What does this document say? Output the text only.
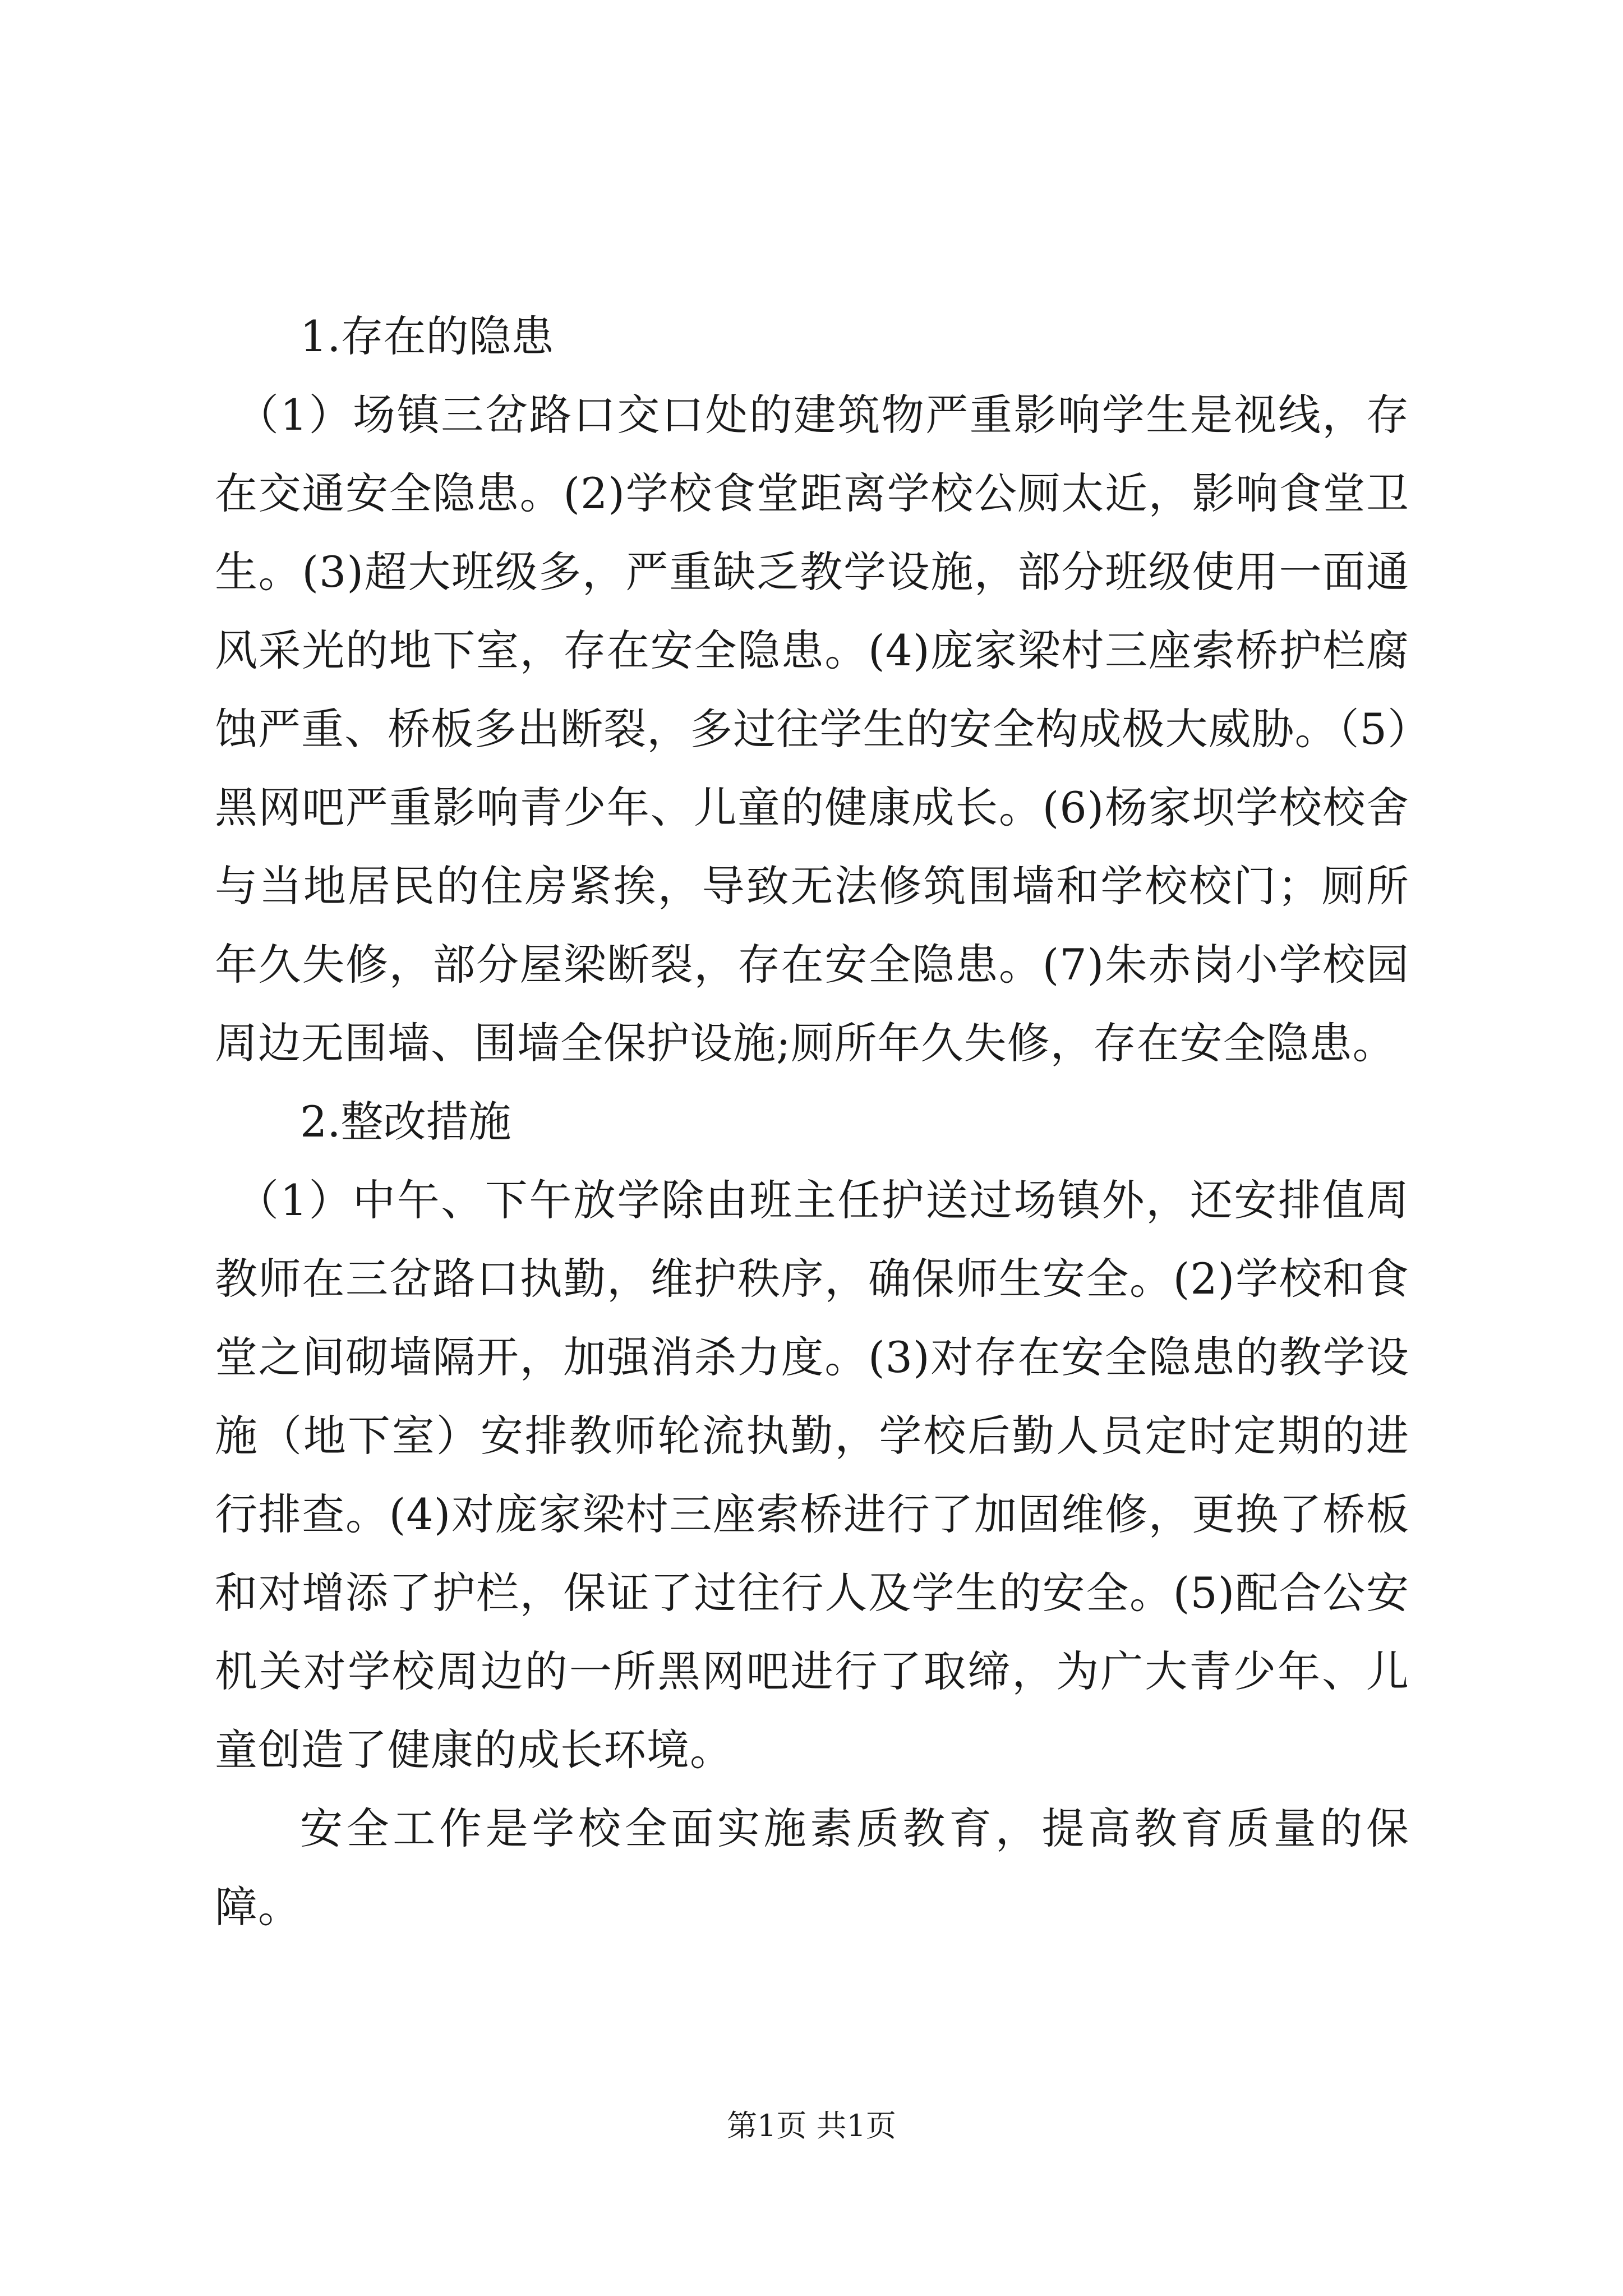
1.存在的隐患

（1）场镇三岔路口交口处的建筑物严重影响学生是视线，存在交通安全隐患。(2)学校食堂距离学校公厕太近，影响食堂卫生。(3)超大班级多，严重缺乏教学设施，部分班级使用一面通风采光的地下室，存在安全隐患。(4)庞家梁村三座索桥护栏腐蚀严重、桥板多出断裂，多过往学生的安全构成极大威胁。（5）黑网吧严重影响青少年、儿童的健康成长。(6)杨家坝学校校舍与当地居民的住房紧挨，导致无法修筑围墙和学校校门；厕所年久失修，部分屋梁断裂，存在安全隐患。(7)朱赤岗小学校园周边无围墙、围墙全保护设施;厕所年久失修，存在安全隐患。

2.整改措施

（1）中午、下午放学除由班主任护送过场镇外，还安排值周教师在三岔路口执勤，维护秩序，确保师生安全。(2)学校和食堂之间砌墙隔开，加强消杀力度。(3)对存在安全隐患的教学设施（地下室）安排教师轮流执勤，学校后勤人员定时定期的进行排查。(4)对庞家梁村三座索桥进行了加固维修，更换了桥板和对增添了护栏，保证了过往行人及学生的安全。(5)配合公安机关对学校周边的一所黑网吧进行了取缔，为广大青少年、儿童创造了健康的成长环境。

安全工作是学校全面实施素质教育，提高教育质量的保障。

第1页 共1页
